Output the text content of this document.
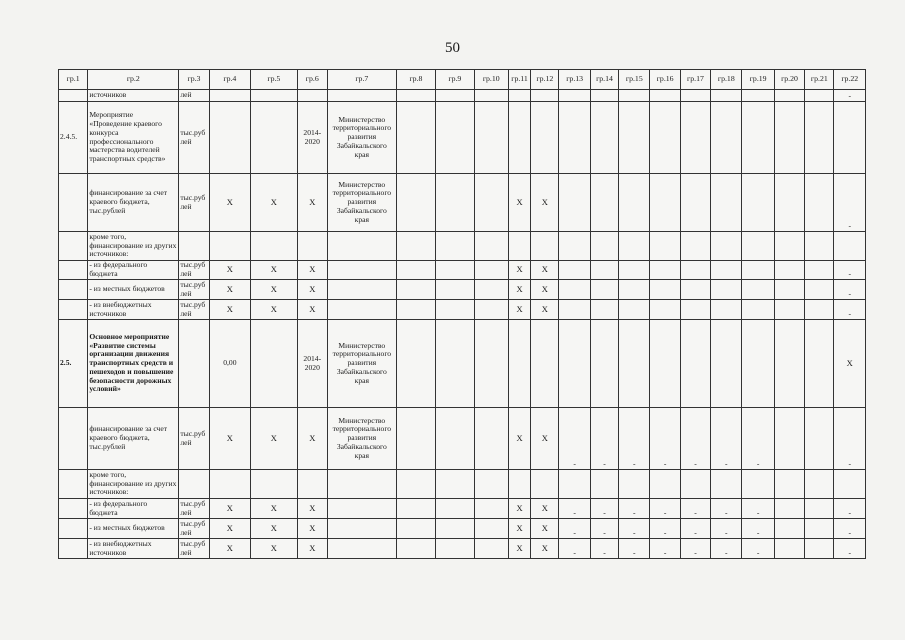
50
гр.1	гр.2	гр.3	гр.4	гр.5	гр.6	гр.7	гр.8	гр.9	гр.10	гр.11	гр.12	гр.13	гр.14	гр.15	гр.16	гр.17	гр.18	гр.19	гр.20	гр.21	гр.22
	источников	лей																			-
2.4.5.	Мероприятие «Проведение краевого конкурса профессионального мастерства водителей транспортных средств»	тыс.руб лей			2014-2020	Министерство территориального развития Забайкальского края															
	финансирование за счет краевого бюджета, тыс.рублей	тыс.руб лей	Х	Х	Х	Министерство территориального развития Забайкальского края				Х	Х										-
	кроме того, финансирование из других источников:																				
	- из федерального бюджета	тыс.руб лей	Х	Х	Х					Х	Х										-
	- из местных бюджетов	тыс.руб лей	Х	Х	Х					Х	Х										-
	- из внебюджетных источников	тыс.руб лей	Х	Х	Х					Х	Х										-
2.5.	Основное мероприятие «Развитие системы организации движения транспортных средств и пешеходов и повышение безопасности дорожных условий»		0,00		2014-2020	Министерство территориального развития Забайкальского края															Х
	финансирование за счет краевого бюджета, тыс.рублей	тыс.руб лей	Х	Х	Х	Министерство территориального развития Забайкальского края				Х	Х	-	-	-	-	-	-	-			-
	кроме того, финансирование из других источников:																				
	- из федерального бюджета	тыс.руб лей	Х	Х	Х					Х	Х	-	-	-	-	-	-	-			-
	- из местных бюджетов	тыс.руб лей	Х	Х	Х					Х	Х	-	-	-	-	-	-	-			-
	- из внебюджетных источников	тыс.руб лей	Х	Х	Х					Х	Х	-	-	-	-	-	-	-			-
